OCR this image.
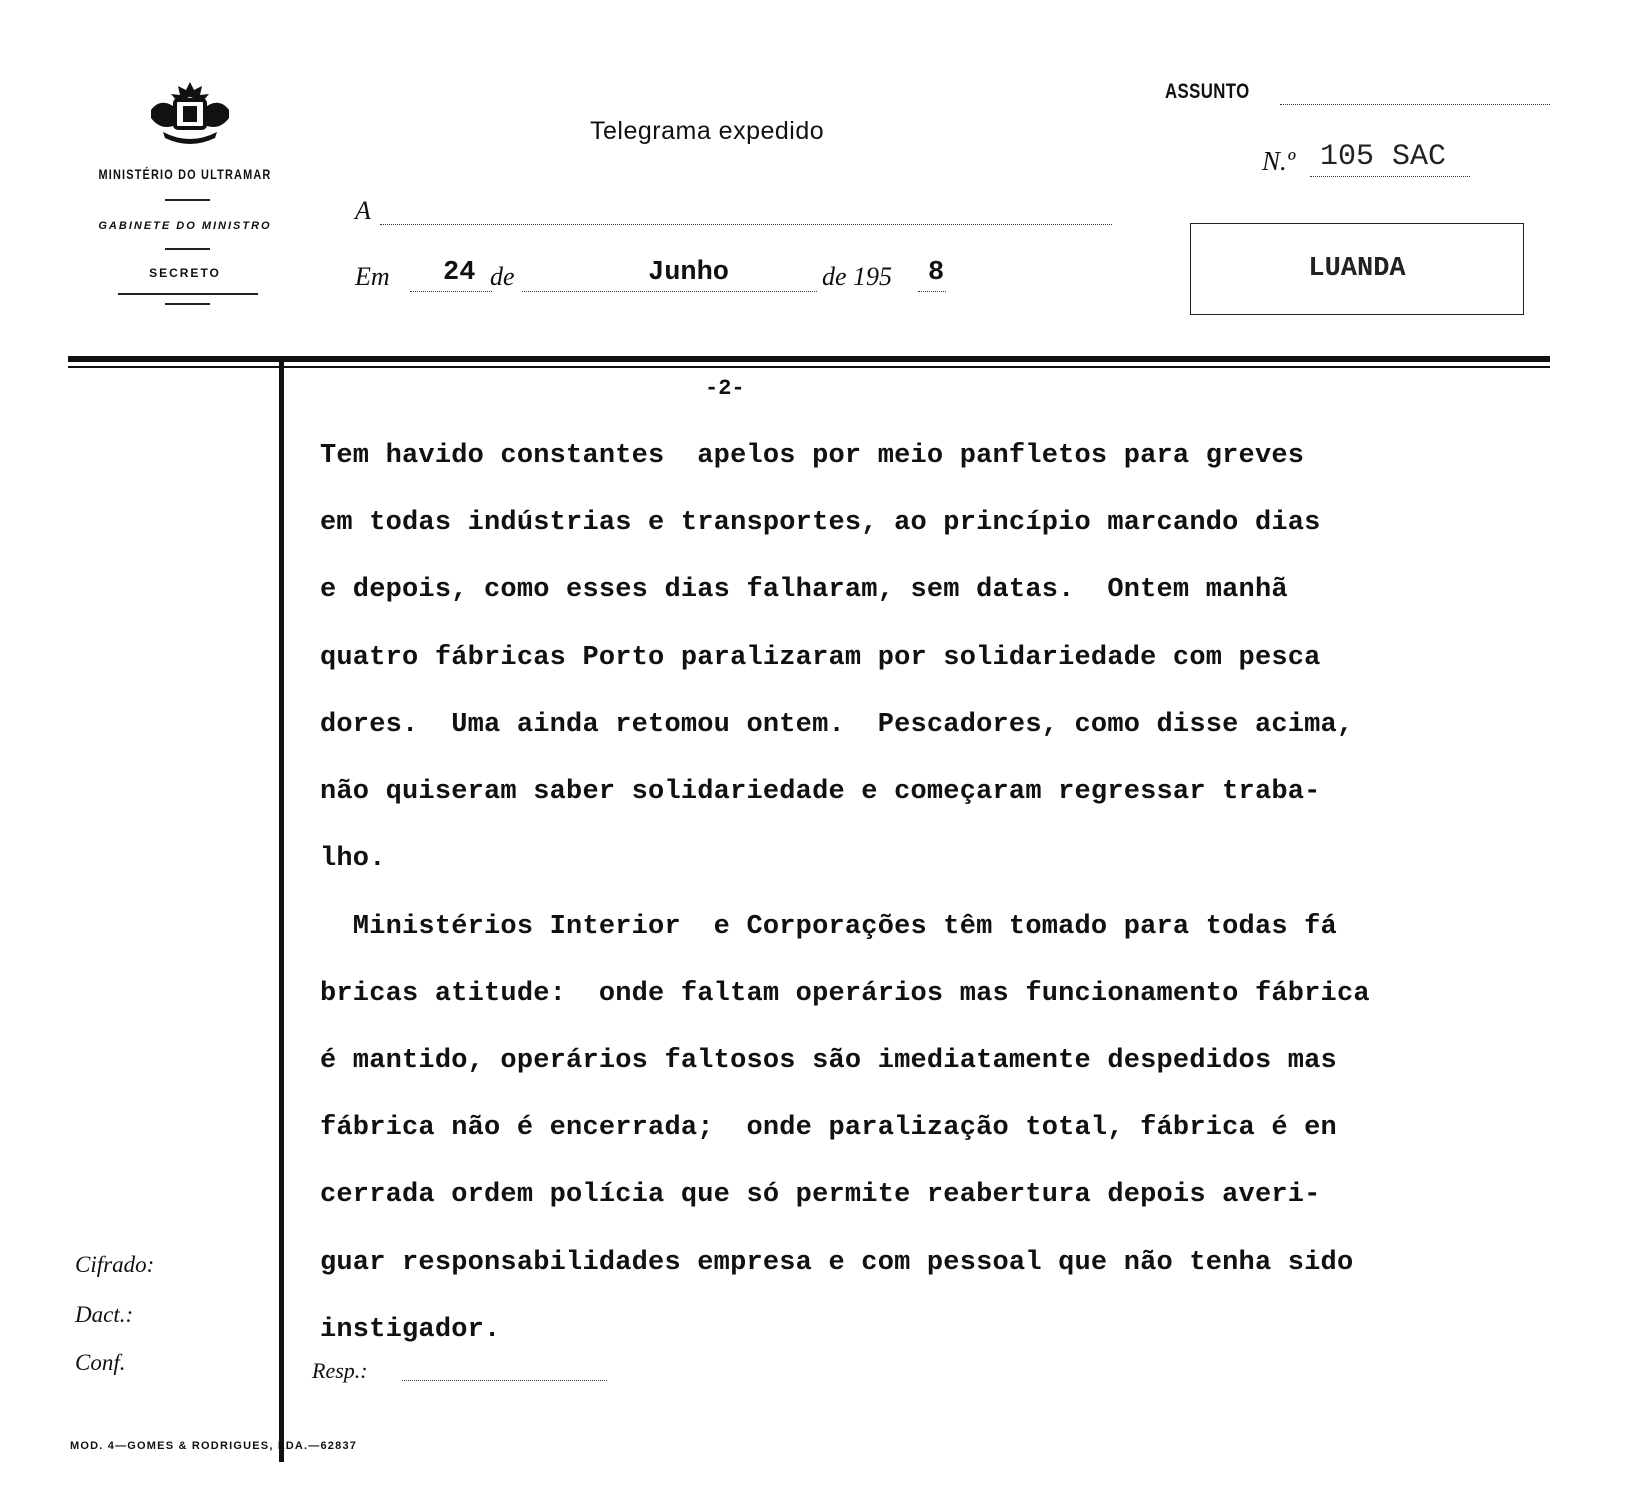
MINISTÉRIO DO ULTRAMAR
GABINETE DO MINISTRO
SECRETO
Telegrama expedido
A
Em 24 de	Junho	de 195 8
ASSUNTO
N.º 105 SAC
LUANDA
-2-
Tem havido constantes  apelos por meio panfletos para greves
em todas indústrias e transportes, ao princípio marcando dias
e depois, como esses dias falharam, sem datas.  Ontem manhã
quatro fábricas Porto paralizaram por solidariedade com pesca
dores.  Uma ainda retomou ontem.  Pescadores, como disse acima,
não quiseram saber solidariedade e começaram regressar traba-
lho.
Ministérios Interior  e Corporações têm tomado para todas fá
bricas atitude:  onde faltam operários mas funcionamento fábrica
é mantido, operários faltosos são imediatamente despedidos mas
fábrica não é encerrada;  onde paralização total, fábrica é en
cerrada ordem polícia que só permite reabertura depois averi-
guar responsabilidades empresa e com pessoal que não tenha sido
instigador.
Cifrado:
Dact.:
Conf.	Resp.:
MOD. 4—GOMES & RODRIGUES, LDA.—62837
